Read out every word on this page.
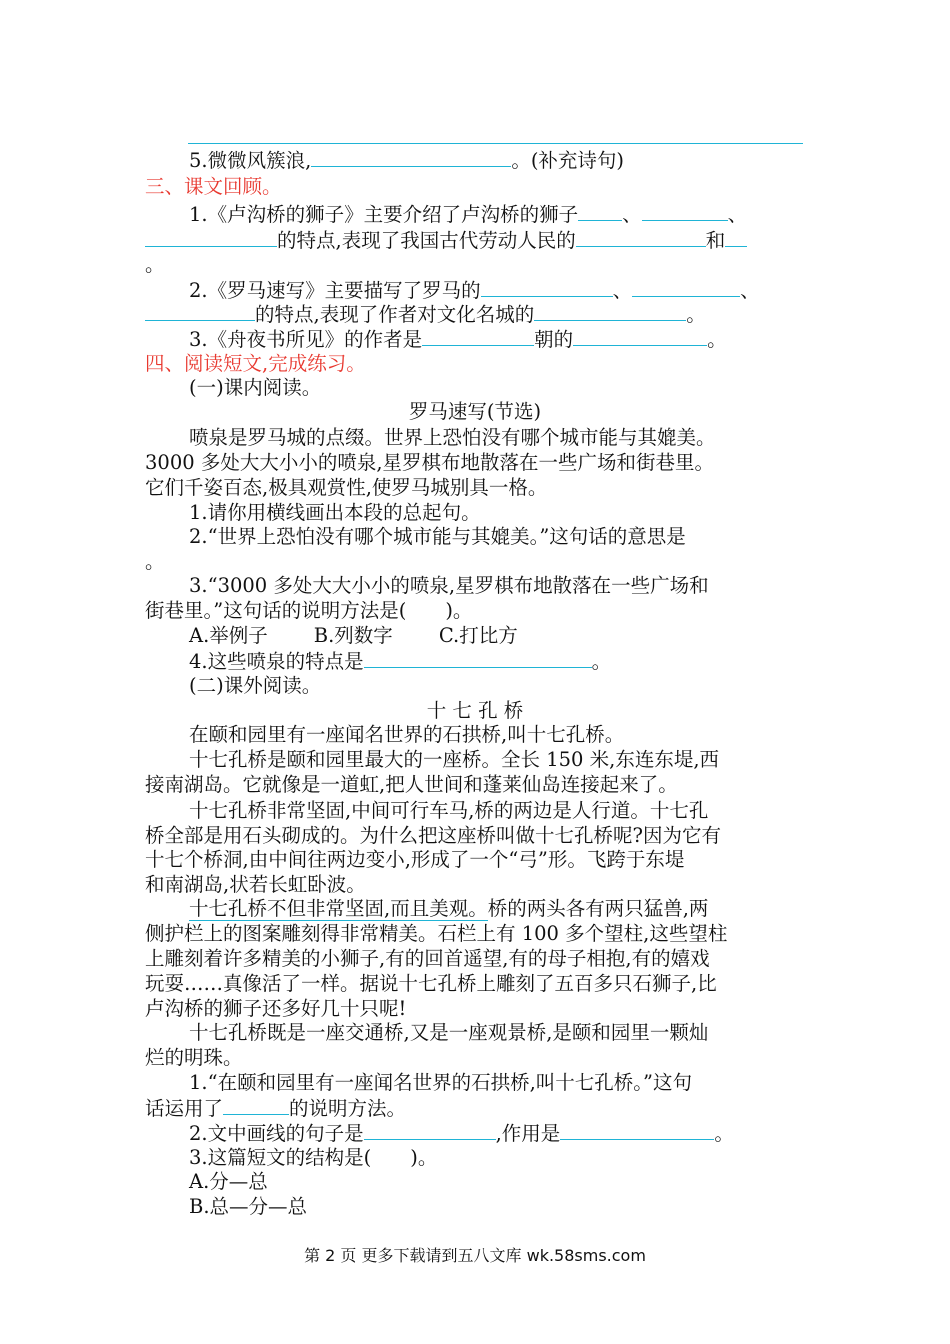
5.微微风簇浪,	。(补充诗句)
三、课文回顾。
1.《卢沟桥的狮子》主要介绍了卢沟桥的狮子 、	、
的特点,表现了我国古代劳动人民的	和
。
2.《罗马速写》主要描写了罗马的	、	、
的特点,表现了作者对文化名城的	。
3.《舟夜书所见》的作者是	朝的	。
四、阅读短文,完成练习。
(一)课内阅读。
罗马速写(节选)
喷泉是罗马城的点缀。世界上恐怕没有哪个城市能与其媲美。
3000 多处大大小小的喷泉,星罗棋布地散落在一些广场和街巷里。
它们千姿百态,极具观赏性,使罗马城别具一格。
1.请你用横线画出本段的总起句。
2.“世界上恐怕没有哪个城市能与其媲美。”这句话的意思是
。
3.“3000 多处大大小小的喷泉,星罗棋布地散落在一些广场和
街巷里。”这句话的说明方法是(　　)。
A.举例子 B.列数字 C.打比方
4.这些喷泉的特点是	。
(二)课外阅读。
十 七 孔 桥
在颐和园里有一座闻名世界的石拱桥,叫十七孔桥。
十七孔桥是颐和园里最大的一座桥。全长 150 米,东连东堤,西
接南湖岛。它就像是一道虹,把人世间和蓬莱仙岛连接起来了。
十七孔桥非常坚固,中间可行车马,桥的两边是人行道。十七孔
桥全部是用石头砌成的。为什么把这座桥叫做十七孔桥呢?因为它有
十七个桥洞,由中间往两边变小,形成了一个“弓”形。飞跨于东堤
和南湖岛,状若长虹卧波。
十七孔桥不但非常坚固,而且美观。桥的两头各有两只猛兽,两
侧护栏上的图案雕刻得非常精美。石栏上有 100 多个望柱,这些望柱
上雕刻着许多精美的小狮子,有的回首遥望,有的母子相抱,有的嬉戏
玩耍……真像活了一样。据说十七孔桥上雕刻了五百多只石狮子,比
卢沟桥的狮子还多好几十只呢!
十七孔桥既是一座交通桥,又是一座观景桥,是颐和园里一颗灿
烂的明珠。
1.“在颐和园里有一座闻名世界的石拱桥,叫十七孔桥。”这句
话运用了	的说明方法。
2.文中画线的句子是	,作用是	。
3.这篇短文的结构是(　　)。
A.分—总
B.总—分—总
第 2 页 更多下载请到五八文库 wk.58sms.com
